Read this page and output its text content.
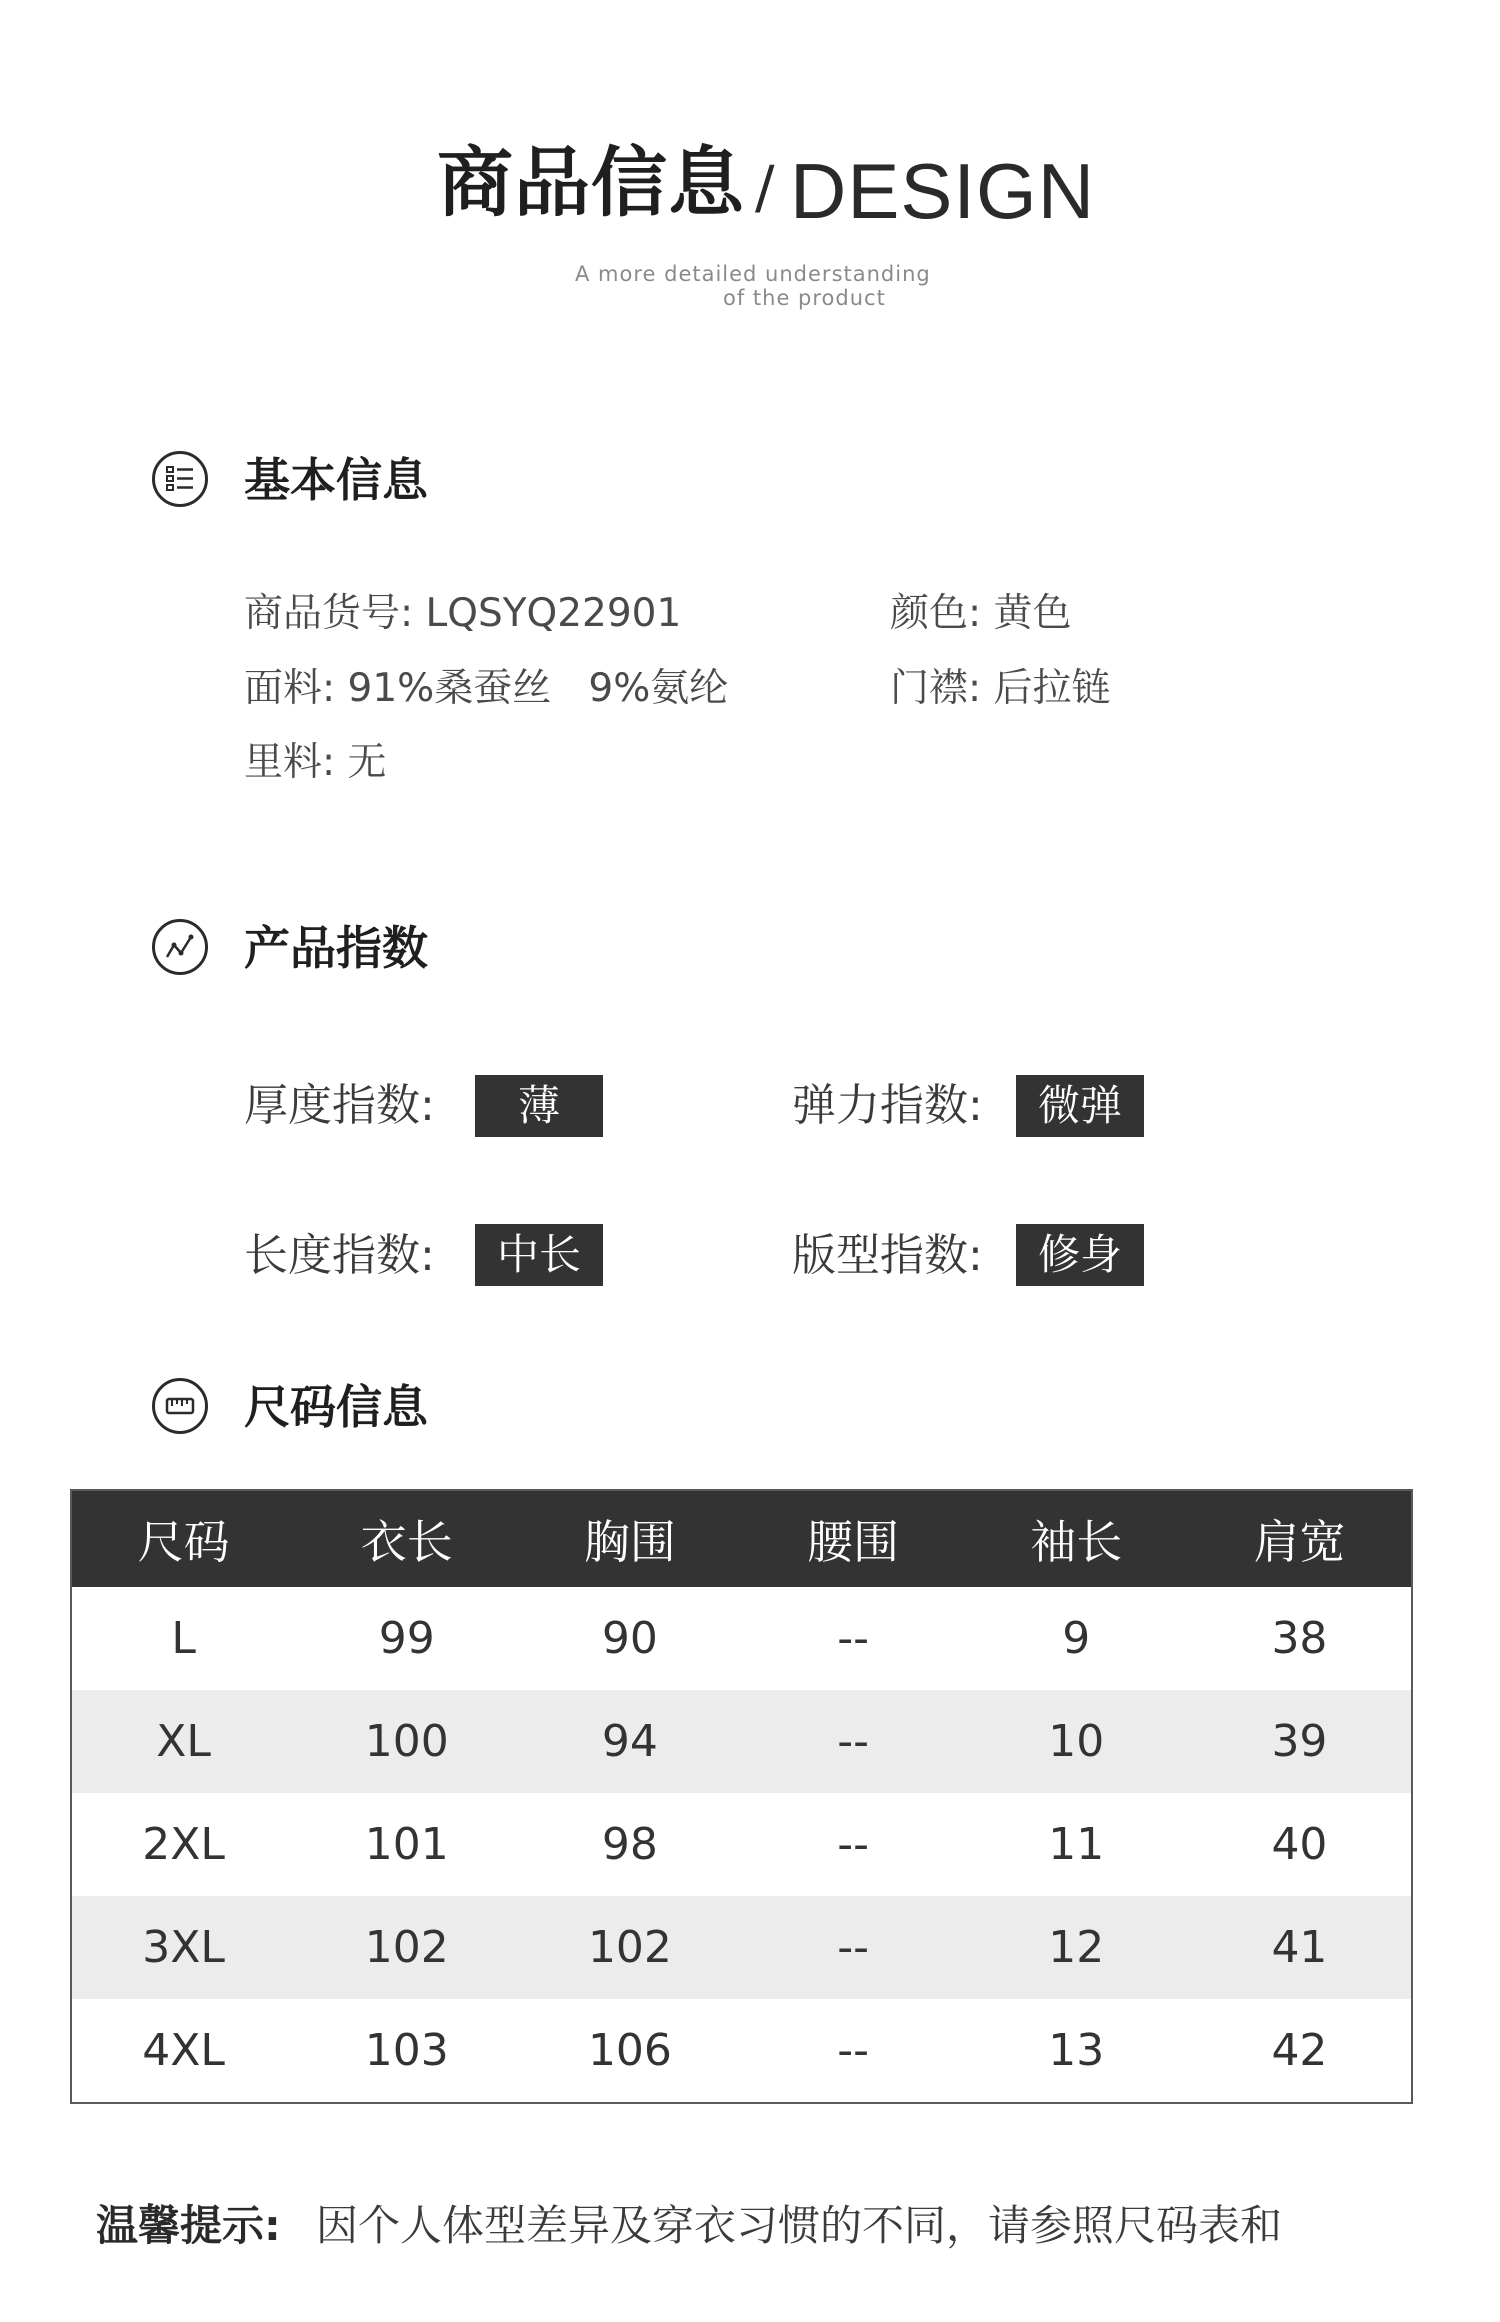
商品信息 / DESIGN
A more detailed understanding
of the product
基本信息
商品货号: LQSYQ22901	颜色: 黄色
面料: 91%桑蚕丝   9%氨纶	门襟: 后拉链
里料: 无
产品指数
厚度指数:	薄	弹力指数:	微弹
长度指数:	中长	版型指数:	修身
尺码信息
尺码	衣长	胸围	腰围	袖长	肩宽
L	99	90	--	9	38
XL	100	94	--	10	39
2XL	101	98	--	11	40
3XL	102	102	--	12	41
4XL	103	106	--	13	42
温馨提示: 因个人体型差异及穿衣习惯的不同，请参照尺码表和
